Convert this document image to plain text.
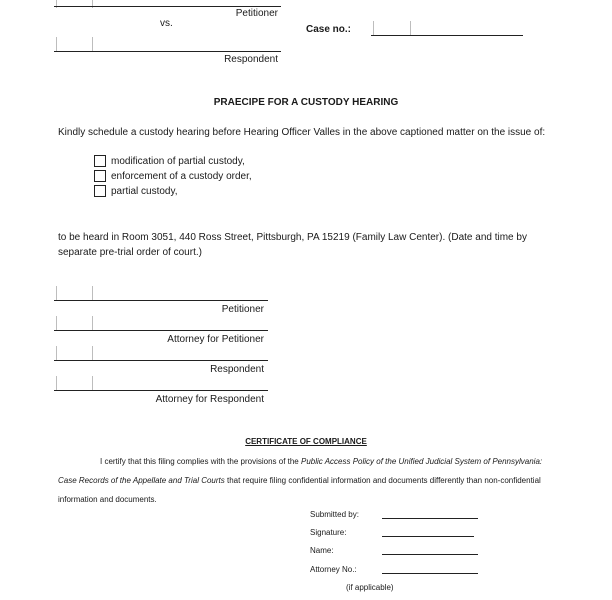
Petitioner
vs.
Respondent
Case no.:
PRAECIPE FOR A CUSTODY HEARING
Kindly schedule a custody hearing before Hearing Officer Valles in the above captioned matter on the issue of:
modification of partial custody,
enforcement of a custody order,
partial custody,
to be heard in Room 3051, 440 Ross Street, Pittsburgh, PA 15219 (Family Law Center). (Date and time by separate pre-trial order of court.)
Petitioner
Attorney for Petitioner
Respondent
Attorney for Respondent
CERTIFICATE OF COMPLIANCE
I certify that this filing complies with the provisions of the Public Access Policy of the Unified Judicial System of Pennsylvania: Case Records of the Appellate and Trial Courts that require filing confidential information and documents differently than non-confidential information and documents.
Submitted by:
Signature:
Name:
Attorney No.:
(if applicable)
